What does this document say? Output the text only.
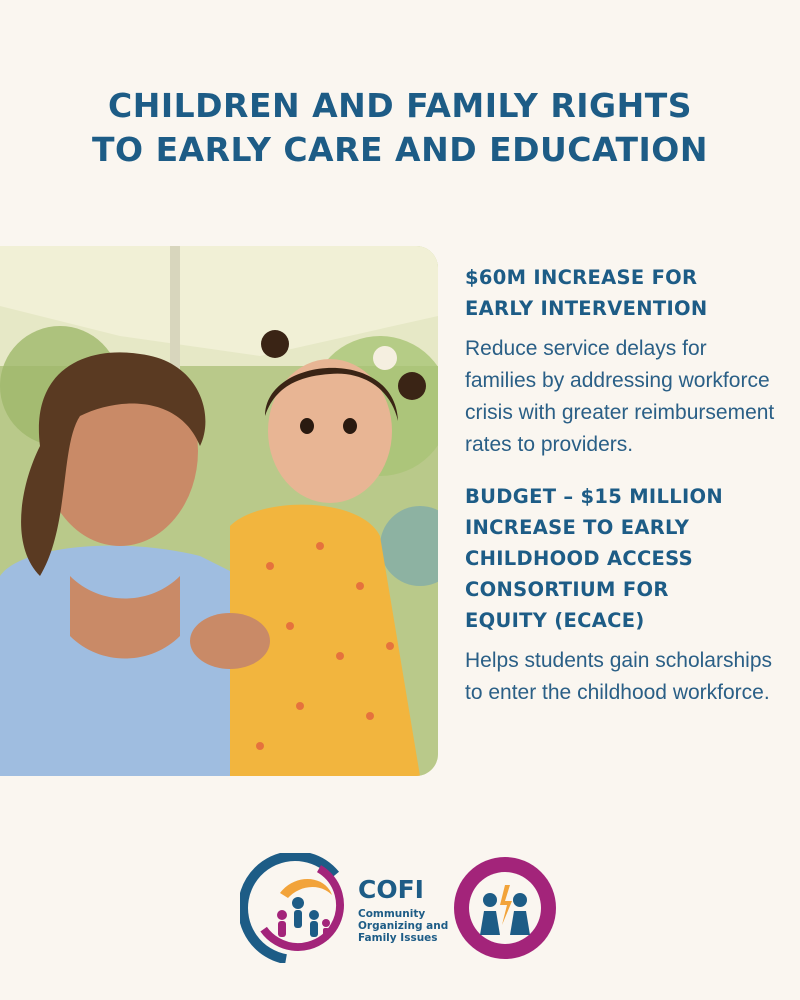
CHILDREN AND FAMILY RIGHTS
TO EARLY CARE AND EDUCATION
$60M INCREASE FOR
EARLY INTERVENTION

Reduce service delays for families by addressing workforce crisis with greater reimbursement rates to providers.

BUDGET – $15 MILLION
INCREASE TO EARLY
CHILDHOOD ACCESS
CONSORTIUM FOR
EQUITY (ECACE)

Helps students gain scholarships to enter the childhood workforce.

COFI
Community
Organizing and
Family Issues
